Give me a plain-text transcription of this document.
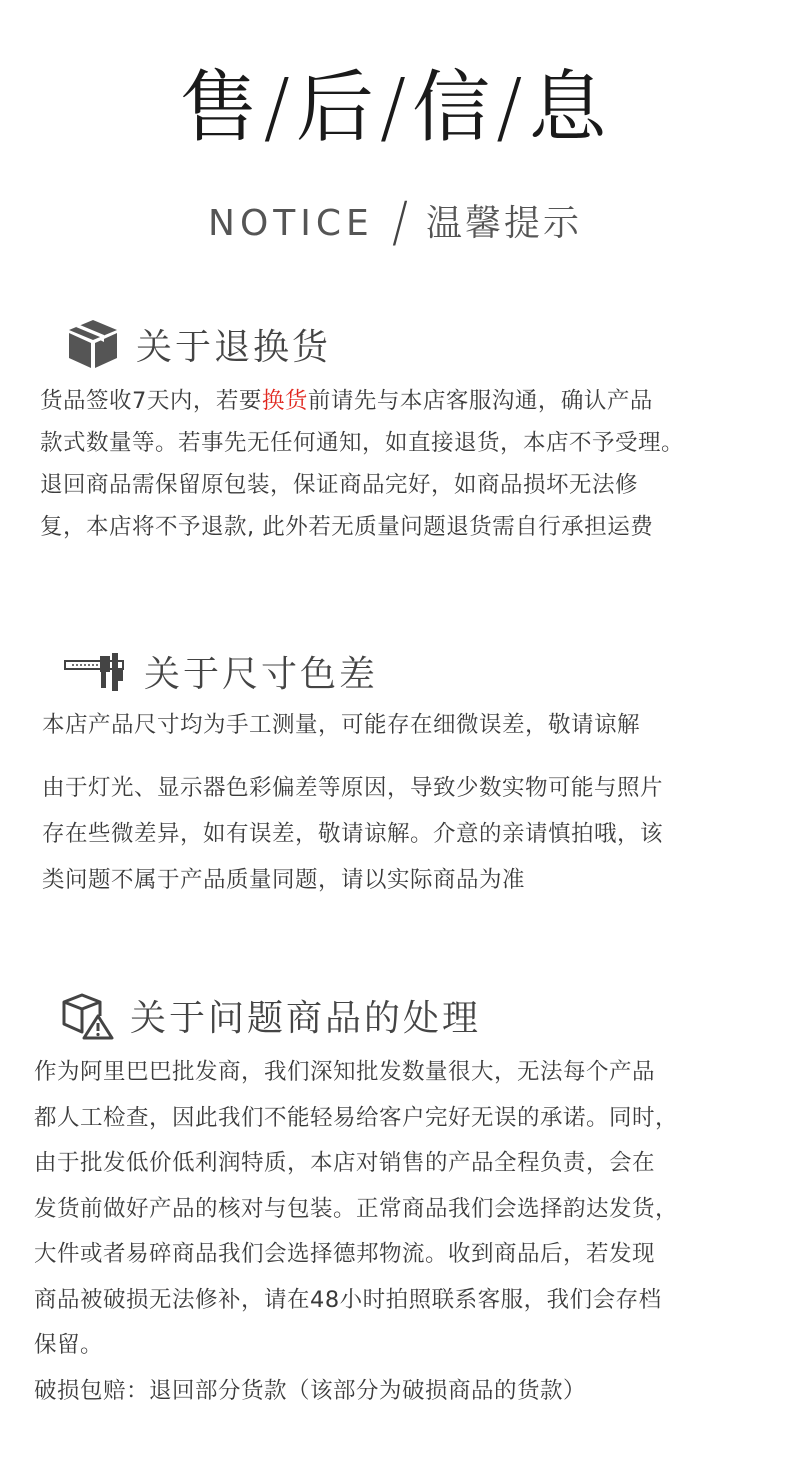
售/后/信/息
NOTICE / 温馨提示
关于退换货
货品签收7天内，若要换货前请先与本店客服沟通，确认产品
款式数量等。若事先无任何通知，如直接退货，本店不予受理。
退回商品需保留原包装，保证商品完好，如商品损坏无法修
复，本店将不予退款, 此外若无质量问题退货需自行承担运费
关于尺寸色差
本店产品尺寸均为手工测量，可能存在细微误差，敬请谅解
由于灯光、显示器色彩偏差等原因，导致少数实物可能与照片
存在些微差异，如有误差，敬请谅解。介意的亲请慎拍哦，该
类问题不属于产品质量同题，请以实际商品为准
关于问题商品的处理
作为阿里巴巴批发商，我们深知批发数量很大，无法每个产品
都人工检查，因此我们不能轻易给客户完好无误的承诺。同时，
由于批发低价低利润特质，本店对销售的产品全程负责，会在
发货前做好产品的核对与包装。正常商品我们会选择韵达发货，
大件或者易碎商品我们会选择德邦物流。收到商品后，若发现
商品被破损无法修补，请在48小时拍照联系客服，我们会存档
保留。
破损包赔：退回部分货款（该部分为破损商品的货款）
